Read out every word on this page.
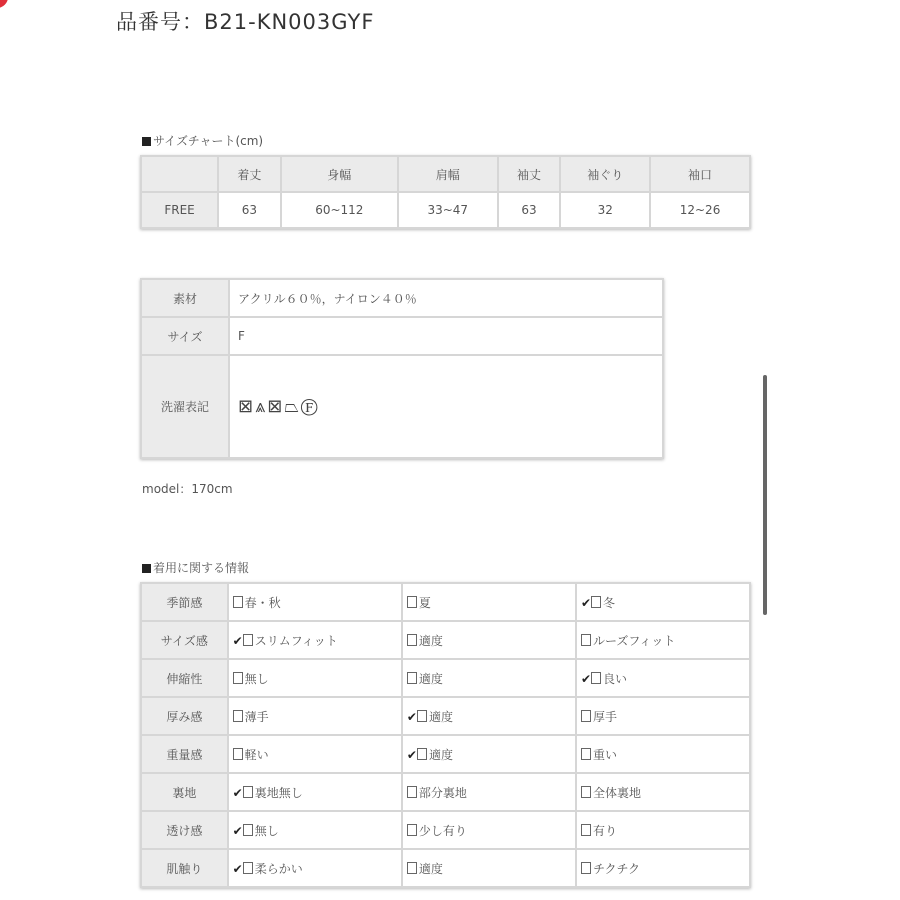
品番号：B21-KN003GYF
サイズチャート(cm)
	着丈	身幅	肩幅	袖丈	袖ぐり	袖口
FREE	63	60~112	33~47	63	32	12~26
素材	アクリル６０％，ナイロン４０％
サイズ	F
洗濯表記	⊠⩓⊠⏢Ⓕ
model：170cm
着用に関する情報
季節感	春・秋	夏	✔ 冬
サイズ感	✔ スリムフィット	適度	ルーズフィット
伸縮性	無し	適度	✔ 良い
厚み感	薄手	✔ 適度	厚手
重量感	軽い	✔ 適度	重い
裏地	✔ 裏地無し	部分裏地	全体裏地
透け感	✔ 無し	少し有り	有り
肌触り	✔ 柔らかい	適度	チクチク
